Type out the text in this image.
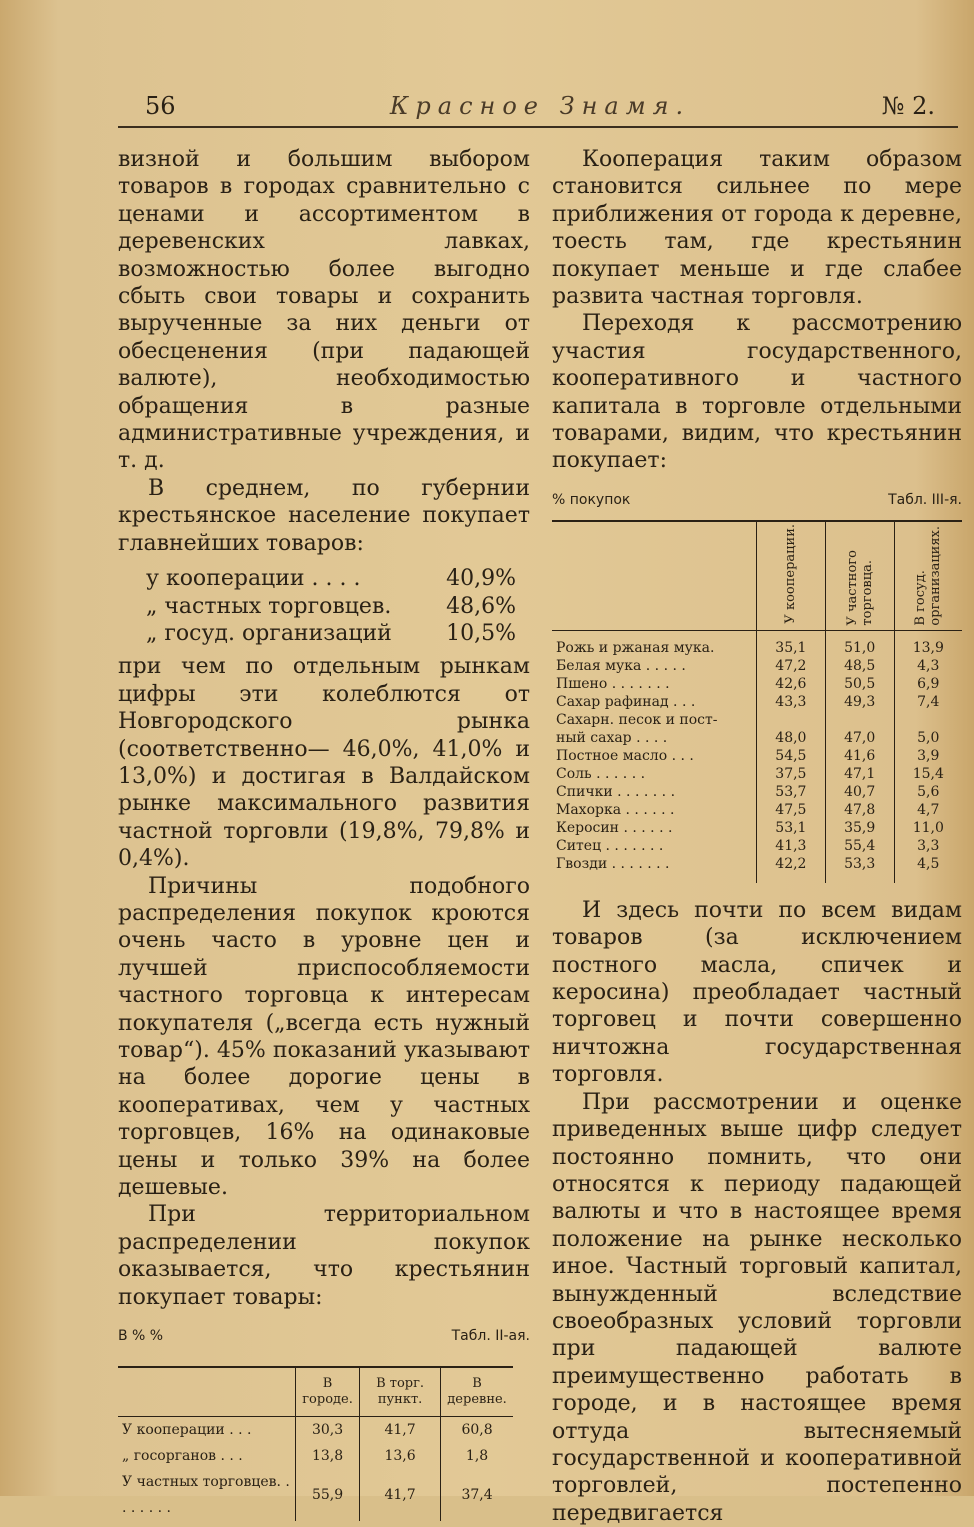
56	Красное Знамя.	№ 2.

визной и большим выбором товаров в городах сравнительно с ценами и ассортиментом в деревенских лавках, возможностью более выгодно сбыть свои товары и сохранить вырученные за них деньги от обесценения (при падающей валюте), необходимостью обращения в разные административные учреждения, и т. д.

В среднем, по губернии крестьянское население покупает главнейших товаров:

у кооперации . . . .	40,9%
„ частных торговцев. 48,6%
„ госуд. организаций 10,5%

при чем по отдельным рынкам цифры эти колеблются от Новгородского рынка (соответственно— 46,0%, 41,0% и 13,0%) и достигая в Валдайском рынке максимального развития частной торговли (19,8%, 79,8% и 0,4%).

Причины подобного распределения покупок кроются очень часто в уровне цен и лучшей приспособляемости частного торговца к интересам покупателя („всегда есть нужный товар“). 45% показаний указывают на более дорогие цены в кооперативах, чем у частных торговцев, 16% на одинаковые цены и только 39% на более дешевые.

При территориальном распределении покупок оказывается, что крестьянин покупает товары:

В % %	Табл. II-ая.
	В городе.	В торг. пункт.	В деревне.
У кооперации . . .	30,3	41,7	60,8
„ госорганов . . .	13,8	13,6	1,8
У частных торговцев. . . . . . . .	55,9	41,7	37,4

Кооперация таким образом становится сильнее по мере приближения от города к деревне, тоесть там, где крестьянин покупает меньше и где слабее развита частная торговля.

Переходя к рассмотрению участия государственного, кооперативного и частного капитала в торговле отдельными товарами, видим, что крестьянин покупает:

% покупок	Табл. III-я.
	У кооперации.	У частного торговца.	В госуд. организациях.
Рожь и ржаная мука.	35,1	51,0	13,9
Белая мука . . . . .	47,2	48,5	4,3
Пшено . . . . . . .	42,6	50,5	6,9
Сахар рафинад . . .	43,3	49,3	7,4
Сахарн. песок и пост-			
ный сахар . . . .	48,0	47,0	5,0
Постное масло . . .	54,5	41,6	3,9
Соль . . . . . .	37,5	47,1	15,4
Спички . . . . . . .	53,7	40,7	5,6
Махорка . . . . . .	47,5	47,8	4,7
Керосин . . . . . .	53,1	35,9	11,0
Ситец . . . . . . .	41,3	55,4	3,3
Гвозди . . . . . . .	42,2	53,3	4,5

И здесь почти по всем видам товаров (за исключением постного масла, спичек и керосина) преобладает частный торговец и почти совершенно ничтожна государственная торговля.

При рассмотрении и оценке приведенных выше цифр следует постоянно помнить, что они относятся к периоду падающей валюты и что в настоящее время положение на рынке несколько иное. Частный торговый капитал, вынужденный вследствие своеобразных условий торговли при падающей валюте преимущественно работать в городе, и в настоящее время оттуда вытесняемый государственной и кооперативной торговлей, постепенно передвигается
